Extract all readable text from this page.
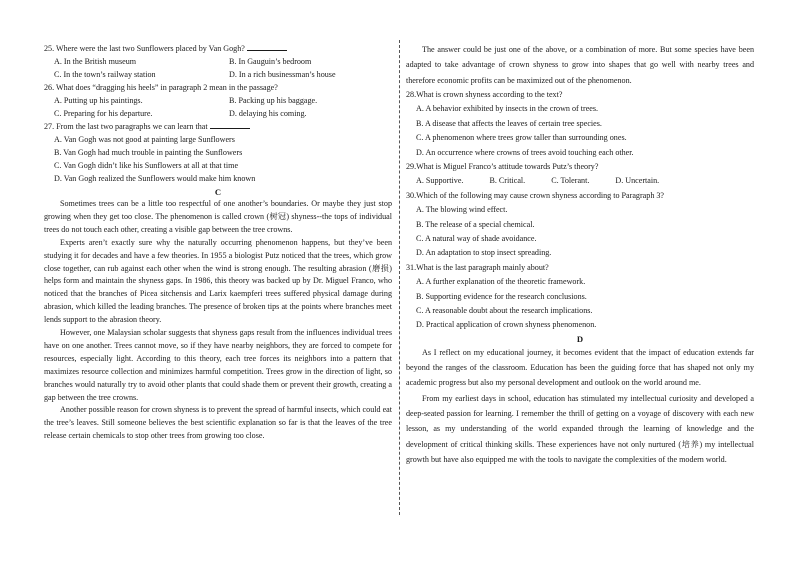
25. Where were the last two Sunflowers placed by Van Gogh?
A. In the British museum	B. In Gauguin’s bedroom
C. In the town’s railway station	D. In a rich businessman’s house
26. What does “dragging his heels” in paragraph 2 mean in the passage?
A. Putting up his paintings.	B. Packing up his baggage.
C. Preparing for his departure.	D. delaying his coming.
27. From the last two paragraphs we can learn that
A. Van Gogh was not good at painting large Sunflowers
B. Van Gogh had much trouble in painting the Sunflowers
C. Van Gogh didn’t like his Sunflowers at all at that time
D. Van Gogh realized the Sunflowers would make him known
C

Sometimes trees can be a little too respectful of one another’s boundaries. Or maybe they just stop growing when they get too close. The phenomenon is called crown (树冠) shyness--the tops of individual trees do not touch each other, creating a visible gap between the tree crowns.

Experts aren’t exactly sure why the naturally occurring phenomenon happens, but they’ve been studying it for decades and have a few theories. In 1955 a biologist Putz noticed that the trees, which grow close together, can rub against each other when the wind is strong enough. The resulting abrasion (磨损) helps form and maintain the shyness gaps. In 1986, this theory was backed up by Dr. Miguel Franco, who noticed that the branches of Picea sitchensis and Larix kaempferi trees suffered physical damage during abrasion, which killed the leading branches. The presence of broken tips at the points where branches meet lends support to the abrasion theory.

However, one Malaysian scholar suggests that shyness gaps result from the influences individual trees have on one another. Trees cannot move, so if they have nearby neighbors, they are forced to compete for resources, especially light. According to this theory, each tree forces its neighbors into a pattern that maximizes resource collection and minimizes harmful competition. Trees grow in the direction of light, so branches would naturally try to avoid other plants that could shade them or prevent their growth, creating a gap between the tree crowns.

Another possible reason for crown shyness is to prevent the spread of harmful insects, which could eat the tree’s leaves. Still someone believes the best scientific explanation so far is that the leaves of the tree release certain chemicals to stop other trees from growing too close.

The answer could be just one of the above, or a combination of more. But some species have been adapted to take advantage of crown shyness to grow into shapes that go well with nearby trees and therefore economic profits can be maximized out of the phenomenon.

28.What is crown shyness according to the text?
A. A behavior exhibited by insects in the crown of trees.
B. A disease that affects the leaves of certain tree species.
C. A phenomenon where trees grow taller than surrounding ones.
D. An occurrence where crowns of trees avoid touching each other.
29.What is Miguel Franco’s attitude towards Putz’s theory?
A. Supportive.	B. Critical.	C. Tolerant.	D. Uncertain.
30.Which of the following may cause crown shyness according to Paragraph 3?
A. The blowing wind effect.
B. The release of a special chemical.
C. A natural way of shade avoidance.
D. An adaptation to stop insect spreading.
31.What is the last paragraph mainly about?
A. A further explanation of the theoretic framework.
B. Supporting evidence for the research conclusions.
C. A reasonable doubt about the research implications.
D. Practical application of crown shyness phenomenon.
D

As I reflect on my educational journey, it becomes evident that the impact of education extends far beyond the ranges of the classroom. Education has been the guiding force that has shaped not only my academic progress but also my personal development and outlook on the world around me.

From my earliest days in school, education has stimulated my intellectual curiosity and developed a deep-seated passion for learning. I remember the thrill of getting on a voyage of discovery with each new lesson, as my understanding of the world expanded through the learning of knowledge and the development of critical thinking skills. These experiences have not only nurtured (培养) my intellectual growth but have also equipped me with the tools to navigate the complexities of the modern world.
